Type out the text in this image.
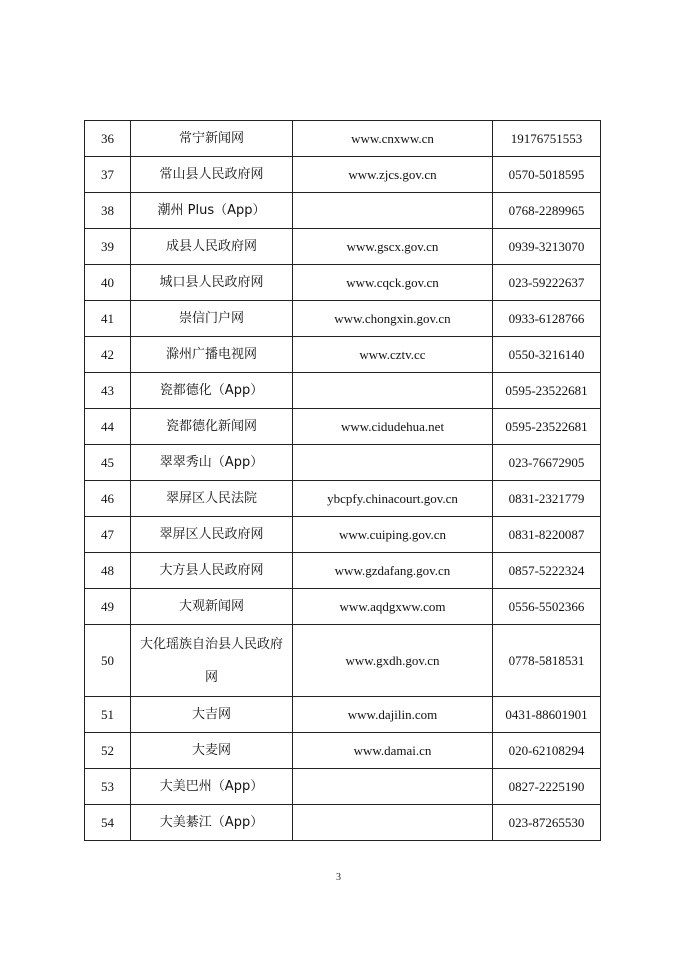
36	常宁新闻网	www.cnxww.cn	19176751553
37	常山县人民政府网	www.zjcs.gov.cn	0570-5018595
38	潮州 Plus（App）		0768-2289965
39	成县人民政府网	www.gscx.gov.cn	0939-3213070
40	城口县人民政府网	www.cqck.gov.cn	023-59222637
41	崇信门户网	www.chongxin.gov.cn	0933-6128766
42	滁州广播电视网	www.cztv.cc	0550-3216140
43	瓷都德化（App）		0595-23522681
44	瓷都德化新闻网	www.cidudehua.net	0595-23522681
45	翠翠秀山（App）		023-76672905
46	翠屏区人民法院	ybcpfy.chinacourt.gov.cn	0831-2321779
47	翠屏区人民政府网	www.cuiping.gov.cn	0831-8220087
48	大方县人民政府网	www.gzdafang.gov.cn	0857-5222324
49	大观新闻网	www.aqdgxww.com	0556-5502366
50	大化瑶族自治县人民政府网	www.gxdh.gov.cn	0778-5818531
51	大吉网	www.dajilin.com	0431-88601901
52	大麦网	www.damai.cn	020-62108294
53	大美巴州（App）		0827-2225190
54	大美綦江（App）		023-87265530
3
